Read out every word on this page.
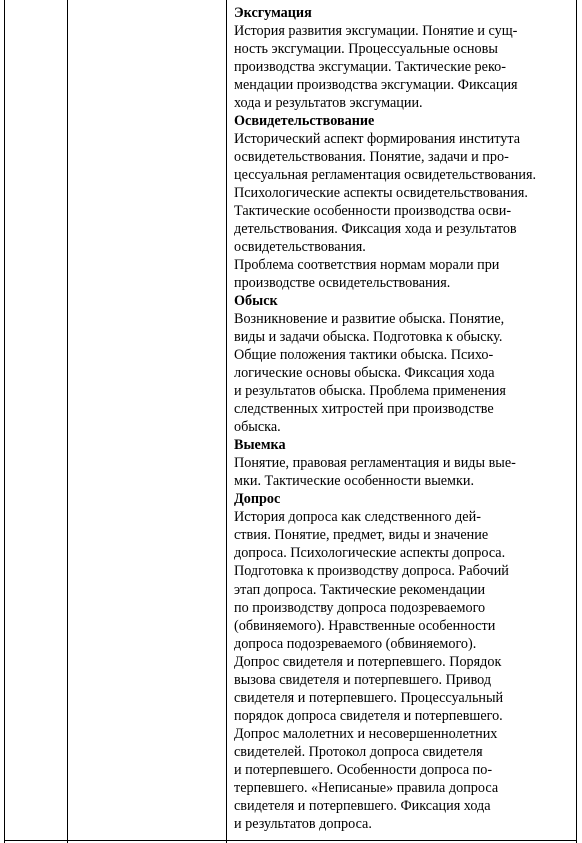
Эксгумация
История развития эксгумации. Понятие и сущ-
ность эксгумации. Процессуальные основы
производства эксгумации. Тактические реко-
мендации производства эксгумации. Фиксация
хода и результатов эксгумации.
Освидетельствование
Исторический аспект формирования института
освидетельствования. Понятие, задачи и про-
цессуальная регламентация освидетельствования.
Психологические аспекты освидетельствования.
Тактические особенности производства осви-
детельствования. Фиксация хода и результатов
освидетельствования.
Проблема соответствия нормам морали при
производстве освидетельствования.
Обыск
Возникновение и развитие обыска. Понятие,
виды и задачи обыска. Подготовка к обыску.
Общие положения тактики обыска. Психо-
логические основы обыска. Фиксация хода
и результатов обыска. Проблема применения
следственных хитростей при производстве
обыска.
Выемка
Понятие, правовая регламентация и виды вые-
мки. Тактические особенности выемки.
Допрос
История допроса как следственного дей-
ствия. Понятие, предмет, виды и значение
допроса. Психологические аспекты допроса.
Подготовка к производству допроса. Рабочий
этап допроса. Тактические рекомендации
по производству допроса подозреваемого
(обвиняемого). Нравственные особенности
допроса подозреваемого (обвиняемого).
Допрос свидетеля и потерпевшего. Порядок
вызова свидетеля и потерпевшего. Привод
свидетеля и потерпевшего. Процессуальный
порядок допроса свидетеля и потерпевшего.
Допрос малолетних и несовершеннолетних
свидетелей. Протокол допроса свидетеля
и потерпевшего. Особенности допроса по-
терпевшего. «Неписаные» правила допроса
свидетеля и потерпевшего. Фиксация хода
и результатов допроса.
